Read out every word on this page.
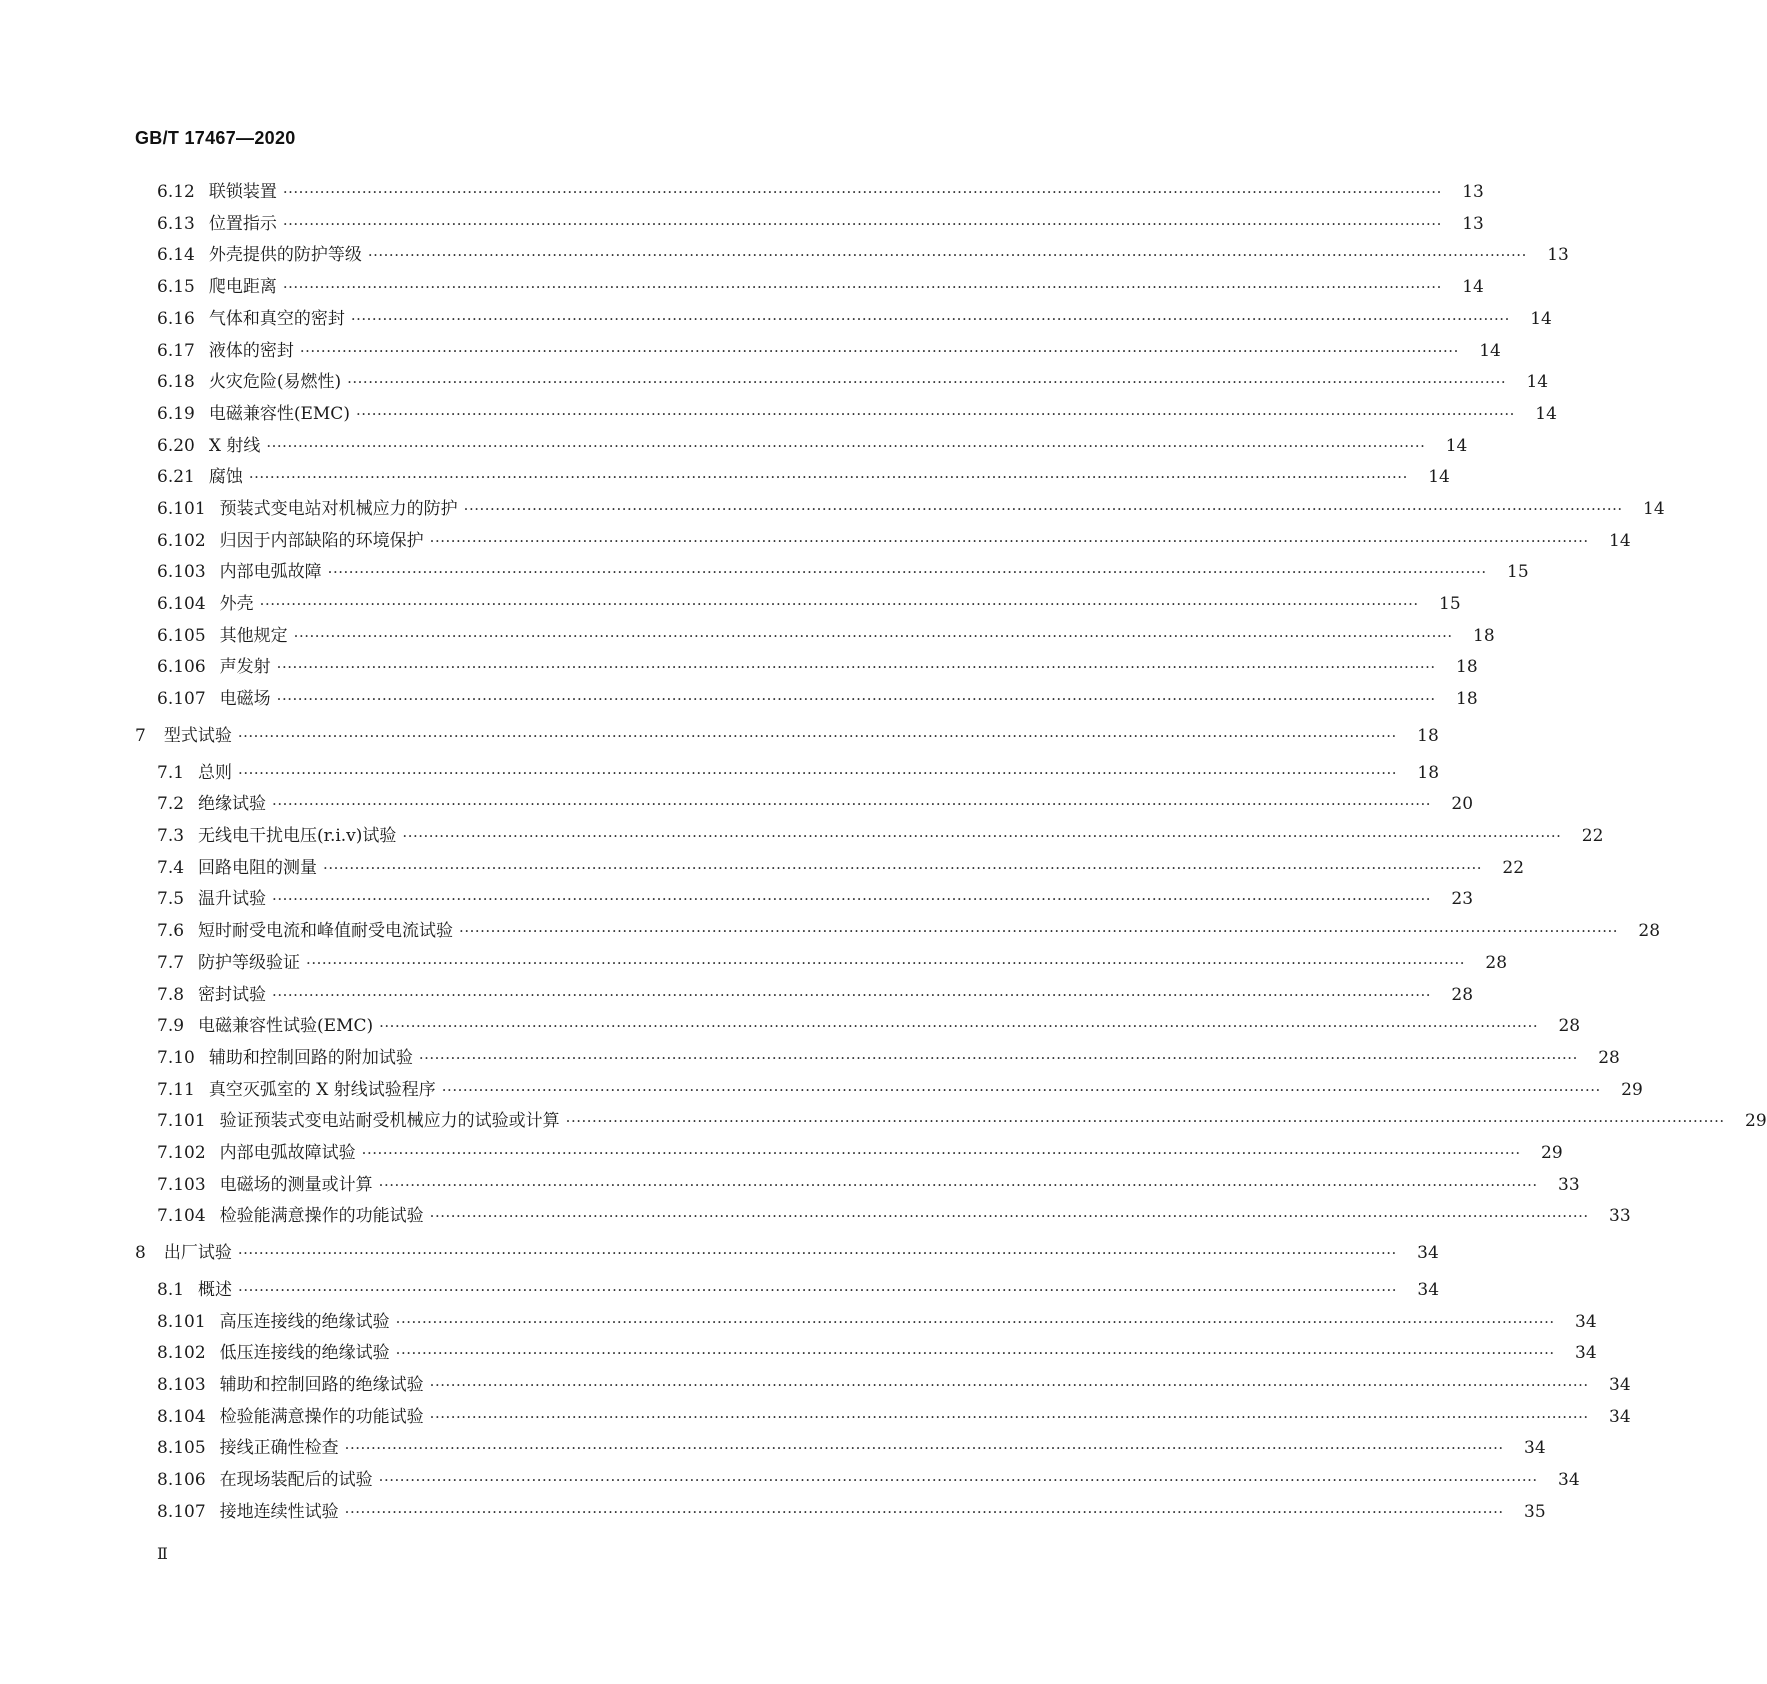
GB/T 17467—2020
6.12 联锁装置 ····························································································································································································································	13
6.13 位置指示 ····························································································································································································································	13
6.14 外壳提供的防护等级 ····························································································································································································································	13
6.15 爬电距离 ····························································································································································································································	14
6.16 气体和真空的密封 ····························································································································································································································	14
6.17 液体的密封 ····························································································································································································································	14
6.18 火灾危险(易燃性) ····························································································································································································································	14
6.19 电磁兼容性(EMC) ····························································································································································································································	14
6.20 X 射线 ····························································································································································································································	14
6.21 腐蚀 ····························································································································································································································	14
6.101 预装式变电站对机械应力的防护 ····························································································································································································································	14
6.102 归因于内部缺陷的环境保护 ····························································································································································································································	14
6.103 内部电弧故障 ····························································································································································································································	15
6.104 外壳 ····························································································································································································································	15
6.105 其他规定 ····························································································································································································································	18
6.106 声发射 ····························································································································································································································	18
6.107 电磁场 ····························································································································································································································	18
7	型式试验 ····························································································································································································································	18
7.1 总则 ····························································································································································································································	18
7.2 绝缘试验 ····························································································································································································································	20
7.3 无线电干扰电压(r.i.v)试验 ····························································································································································································································	22
7.4 回路电阻的测量 ····························································································································································································································	22
7.5 温升试验 ····························································································································································································································	23
7.6 短时耐受电流和峰值耐受电流试验 ····························································································································································································································	28
7.7 防护等级验证 ····························································································································································································································	28
7.8 密封试验 ····························································································································································································································	28
7.9 电磁兼容性试验(EMC) ····························································································································································································································	28
7.10 辅助和控制回路的附加试验 ····························································································································································································································	28
7.11 真空灭弧室的 X 射线试验程序 ····························································································································································································································	29
7.101 验证预装式变电站耐受机械应力的试验或计算 ····························································································································································································································	29
7.102 内部电弧故障试验 ····························································································································································································································	29
7.103 电磁场的测量或计算 ····························································································································································································································	33
7.104 检验能满意操作的功能试验 ····························································································································································································································	33
8	出厂试验 ····························································································································································································································	34
8.1 概述 ····························································································································································································································	34
8.101 高压连接线的绝缘试验 ····························································································································································································································	34
8.102 低压连接线的绝缘试验 ····························································································································································································································	34
8.103 辅助和控制回路的绝缘试验 ····························································································································································································································	34
8.104 检验能满意操作的功能试验 ····························································································································································································································	34
8.105 接线正确性检查 ····························································································································································································································	34
8.106 在现场装配后的试验 ····························································································································································································································	34
8.107 接地连续性试验 ····························································································································································································································	35
Ⅱ
